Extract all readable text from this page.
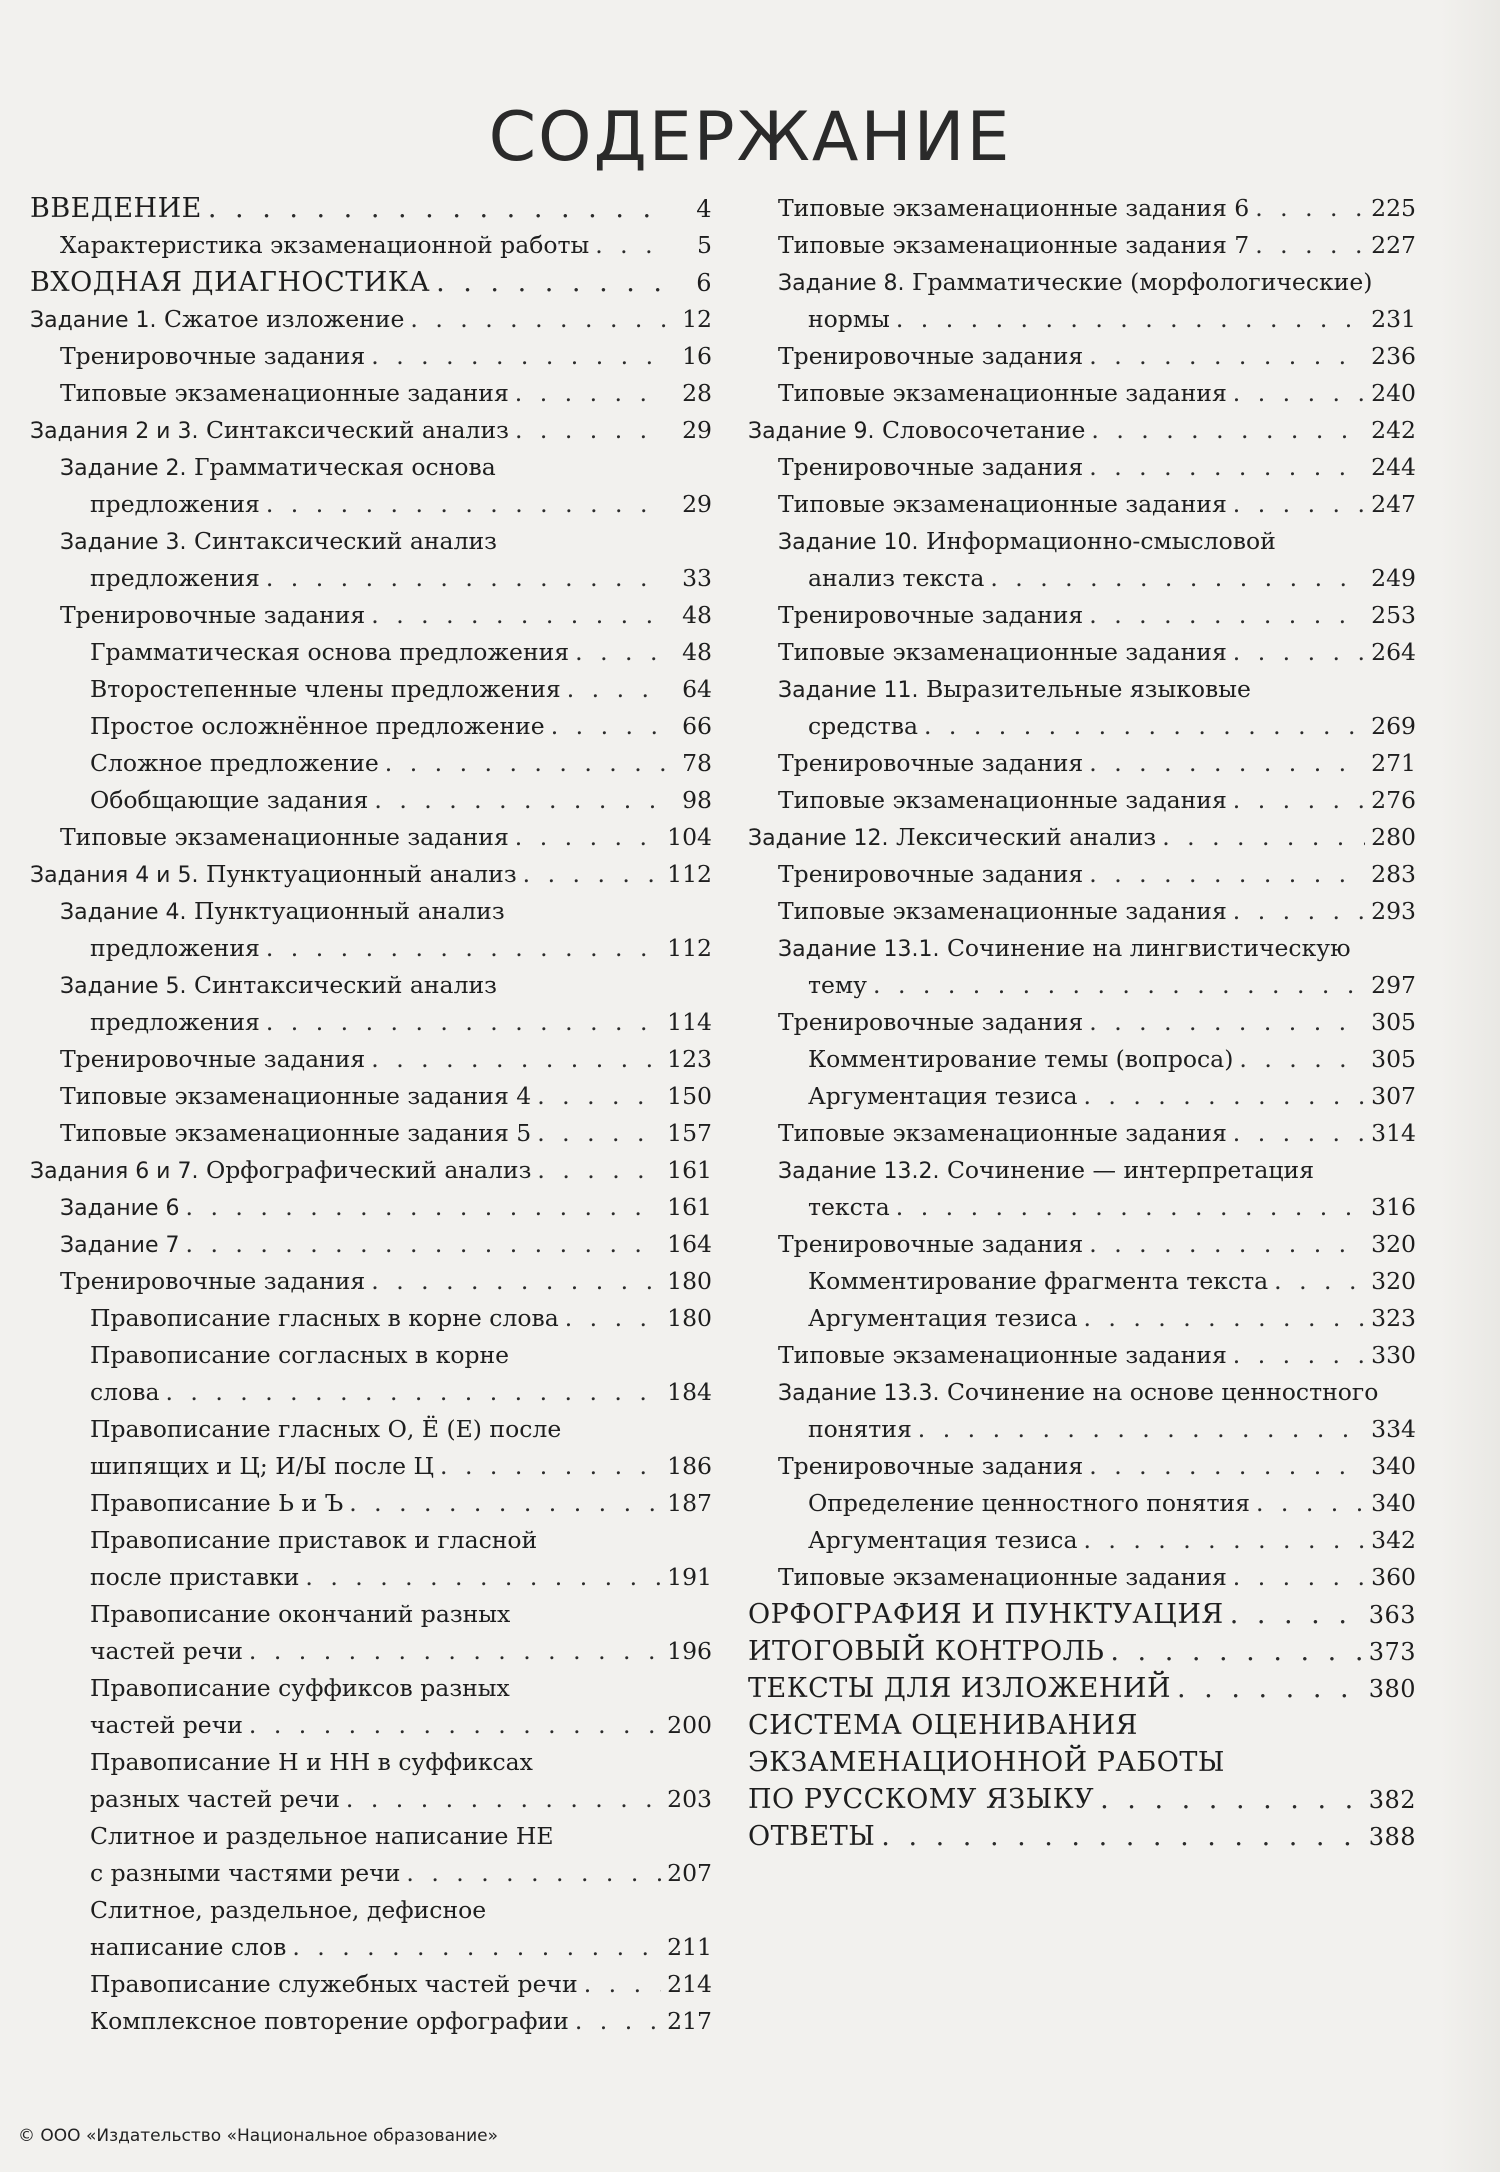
СОДЕРЖАНИЕ
ВВЕДЕНИЕ . . .	4
Характеристика экзаменационной работы . . .	5
ВХОДНАЯ ДИАГНОСТИКА . . .	6
Задание 1. Сжатое изложение . . .	12
Тренировочные задания . . .	16
Типовые экзаменационные задания . . .	28
Задания 2 и 3. Синтаксический анализ . . .	29
Задание 2. Грамматическая основа
предложения . . .	29
Задание 3. Синтаксический анализ
предложения . . .	33
Тренировочные задания . . .	48
Грамматическая основа предложения . . .	48
Второстепенные члены предложения . . .	64
Простое осложнённое предложение . . .	66
Сложное предложение . . .	78
Обобщающие задания . . .	98
Типовые экзаменационные задания . . .	104
Задания 4 и 5. Пунктуационный анализ . . .	112
Задание 4. Пунктуационный анализ
предложения . . .	112
Задание 5. Синтаксический анализ
предложения . . .	114
Тренировочные задания . . .	123
Типовые экзаменационные задания 4 . . .	150
Типовые экзаменационные задания 5 . . .	157
Задания 6 и 7. Орфографический анализ . . .	161
Задание 6 . . .	161
Задание 7 . . .	164
Тренировочные задания . . .	180
Правописание гласных в корне слова . . .	180
Правописание согласных в корне
слова . . .	184
Правописание гласных О, Ё (Е) после
шипящих и Ц; И/Ы после Ц . . .	186
Правописание Ь и Ъ . . .	187
Правописание приставок и гласной
после приставки . . .	191
Правописание окончаний разных
частей речи . . .	196
Правописание суффиксов разных
частей речи . . .	200
Правописание Н и НН в суффиксах
разных частей речи . . .	203
Слитное и раздельное написание НЕ
с разными частями речи . . .	207
Слитное, раздельное, дефисное
написание слов . . .	211
Правописание служебных частей речи . . .	214
Комплексное повторение орфографии . . .	217
Типовые экзаменационные задания 6 . . .	225
Типовые экзаменационные задания 7 . . .	227
Задание 8. Грамматические (морфологические)
нормы . . .	231
Тренировочные задания . . .	236
Типовые экзаменационные задания . . .	240
Задание 9. Словосочетание . . .	242
Тренировочные задания . . .	244
Типовые экзаменационные задания . . .	247
Задание 10. Информационно-смысловой
анализ текста . . .	249
Тренировочные задания . . .	253
Типовые экзаменационные задания . . .	264
Задание 11. Выразительные языковые
средства . . .	269
Тренировочные задания . . .	271
Типовые экзаменационные задания . . .	276
Задание 12. Лексический анализ . . .	280
Тренировочные задания . . .	283
Типовые экзаменационные задания . . .	293
Задание 13.1. Сочинение на лингвистическую
тему . . .	297
Тренировочные задания . . .	305
Комментирование темы (вопроса) . . .	305
Аргументация тезиса . . .	307
Типовые экзаменационные задания . . .	314
Задание 13.2. Сочинение — интерпретация
текста . . .	316
Тренировочные задания . . .	320
Комментирование фрагмента текста . . .	320
Аргументация тезиса . . .	323
Типовые экзаменационные задания . . .	330
Задание 13.3. Сочинение на основе ценностного
понятия . . .	334
Тренировочные задания . . .	340
Определение ценностного понятия . . .	340
Аргументация тезиса . . .	342
Типовые экзаменационные задания . . .	360
ОРФОГРАФИЯ И ПУНКТУАЦИЯ . . .	363
ИТОГОВЫЙ КОНТРОЛЬ . . .	373
ТЕКСТЫ ДЛЯ ИЗЛОЖЕНИЙ . . .	380
СИСТЕМА ОЦЕНИВАНИЯ
ЭКЗАМЕНАЦИОННОЙ РАБОТЫ
ПО РУССКОМУ ЯЗЫКУ . . .	382
ОТВЕТЫ . . .	388
© ООО «Издательство «Национальное образование»
